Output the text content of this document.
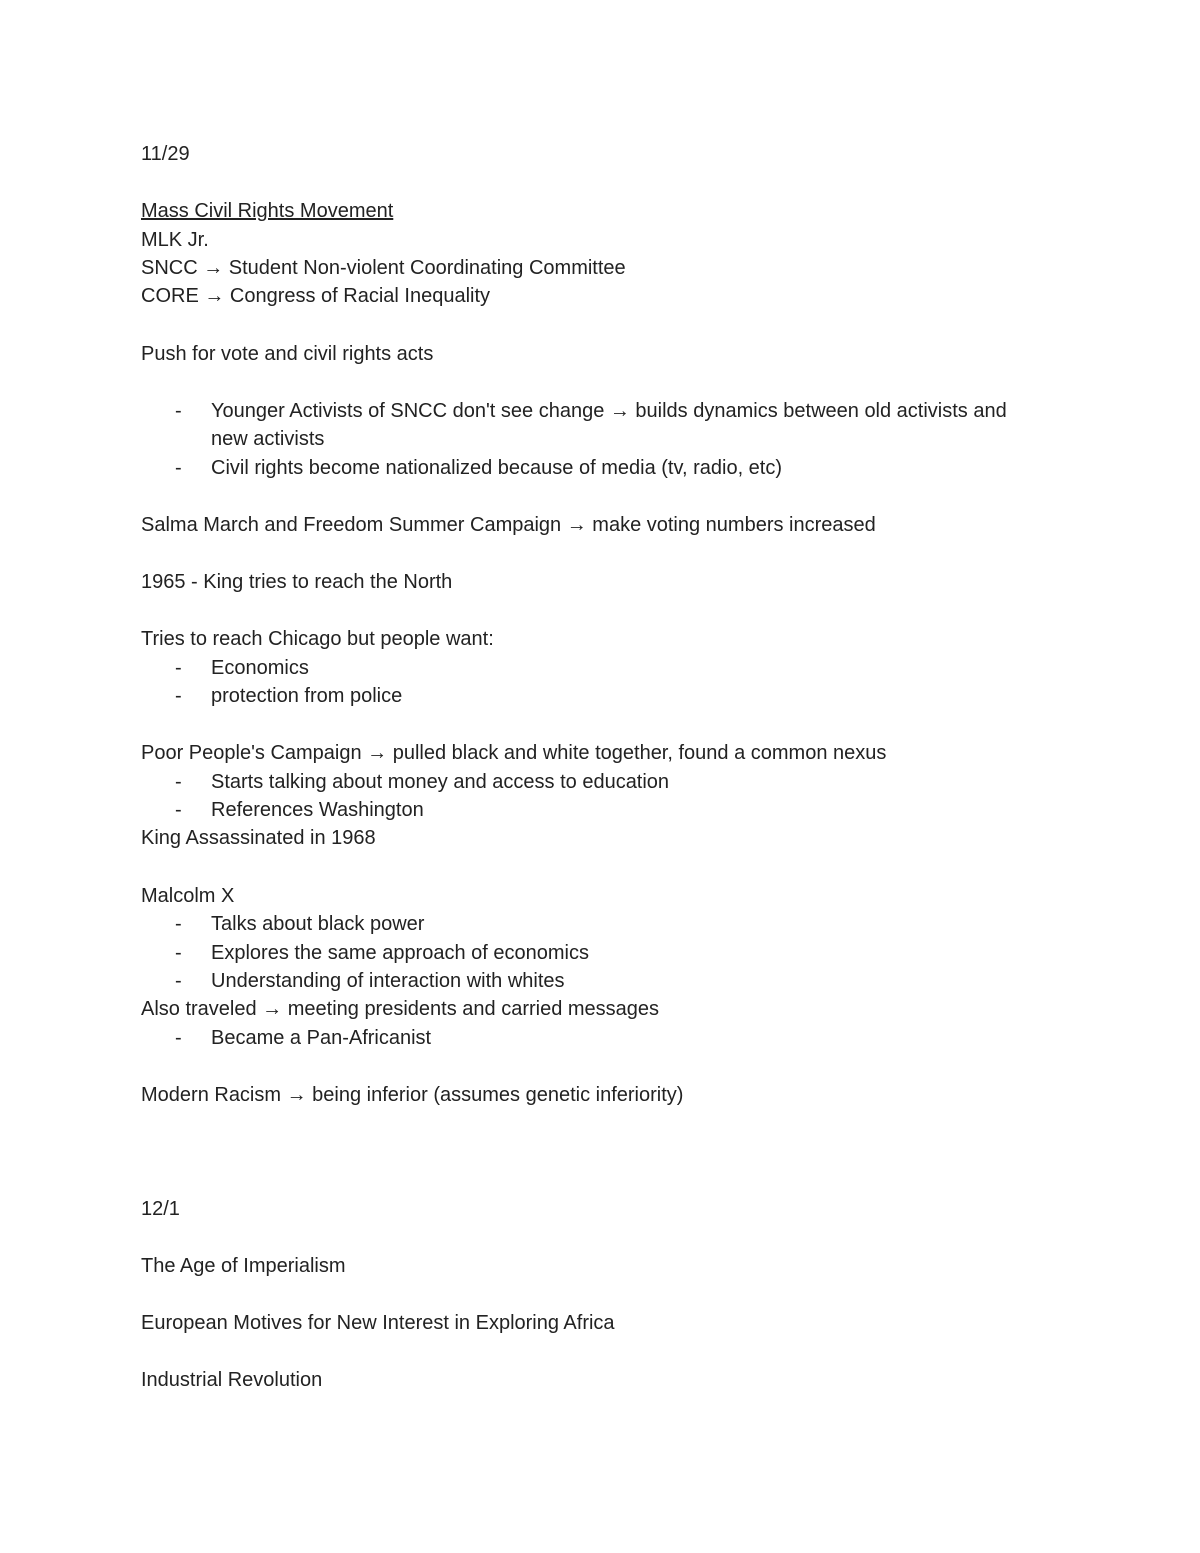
11/29
Mass Civil Rights Movement
MLK Jr.
SNCC → Student Non-violent Coordinating Committee
CORE → Congress of Racial Inequality
Push for vote and civil rights acts
- Younger Activists of SNCC don't see change → builds dynamics between old activists and new activists
- Civil rights become nationalized because of media (tv, radio, etc)
Salma March and Freedom Summer Campaign → make voting numbers increased
1965 - King tries to reach the North
Tries to reach Chicago but people want:
- Economics
- protection from police
Poor People's Campaign → pulled black and white together, found a common nexus
- Starts talking about money and access to education
- References Washington
King Assassinated in 1968
Malcolm X
- Talks about black power
- Explores the same approach of economics
- Understanding of interaction with whites
Also traveled → meeting presidents and carried messages
- Became a Pan-Africanist
Modern Racism → being inferior (assumes genetic inferiority)
12/1
The Age of Imperialism
European Motives for New Interest in Exploring Africa
Industrial Revolution
